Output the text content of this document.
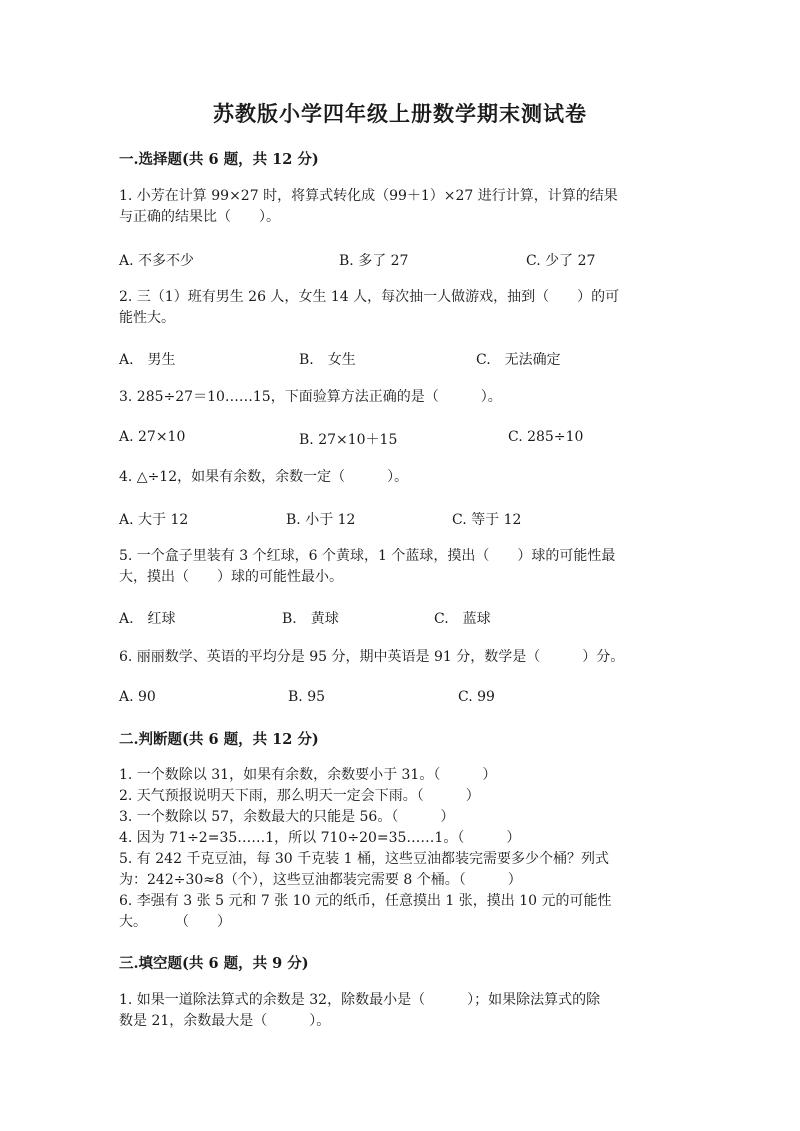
苏教版小学四年级上册数学期末测试卷
一.选择题(共 6 题，共 12 分)
1. 小芳在计算 99×27 时，将算式转化成（99＋1）×27 进行计算，计算的结果
与正确的结果比（　　）。
A. 不多不少	B. 多了 27	C. 少了 27
2. 三（1）班有男生 26 人，女生 14 人，每次抽一人做游戏，抽到（　　）的可
能性大。
A.　男生	B.　女生	C.　无法确定
3. 285÷27＝10……15，下面验算方法正确的是（　　　）。
A. 27×10	B. 27×10＋15	C. 285÷10
4. △÷12，如果有余数，余数一定（　　　）。
A. 大于 12	B. 小于 12	C. 等于 12
5. 一个盒子里装有 3 个红球，6 个黄球，1 个蓝球，摸出（　　）球的可能性最
大，摸出（　　）球的可能性最小。
A.　红球	B.　黄球	C.　蓝球
6. 丽丽数学、英语的平均分是 95 分，期中英语是 91 分，数学是（　　　）分。
A. 90	B. 95	C. 99
二.判断题(共 6 题，共 12 分)
1. 一个数除以 31，如果有余数，余数要小于 31。（　　　）
2. 天气预报说明天下雨，那么明天一定会下雨。（　　　）
3. 一个数除以 57，余数最大的只能是 56。（　　　）
4. 因为 71÷2=35……1，所以 710÷20=35……1。（　　　）
5. 有 242 千克豆油，每 30 千克装 1 桶，这些豆油都装完需要多少个桶？列式
为：242÷30≈8（个），这些豆油都装完需要 8 个桶。（　　　）
6. 李强有 3 张 5 元和 7 张 10 元的纸币，任意摸出 1 张，摸出 10 元的可能性
大。　　　（　　）
三.填空题(共 6 题，共 9 分)
1. 如果一道除法算式的余数是 32，除数最小是（　　　）；如果除法算式的除
数是 21，余数最大是（　　　）。
